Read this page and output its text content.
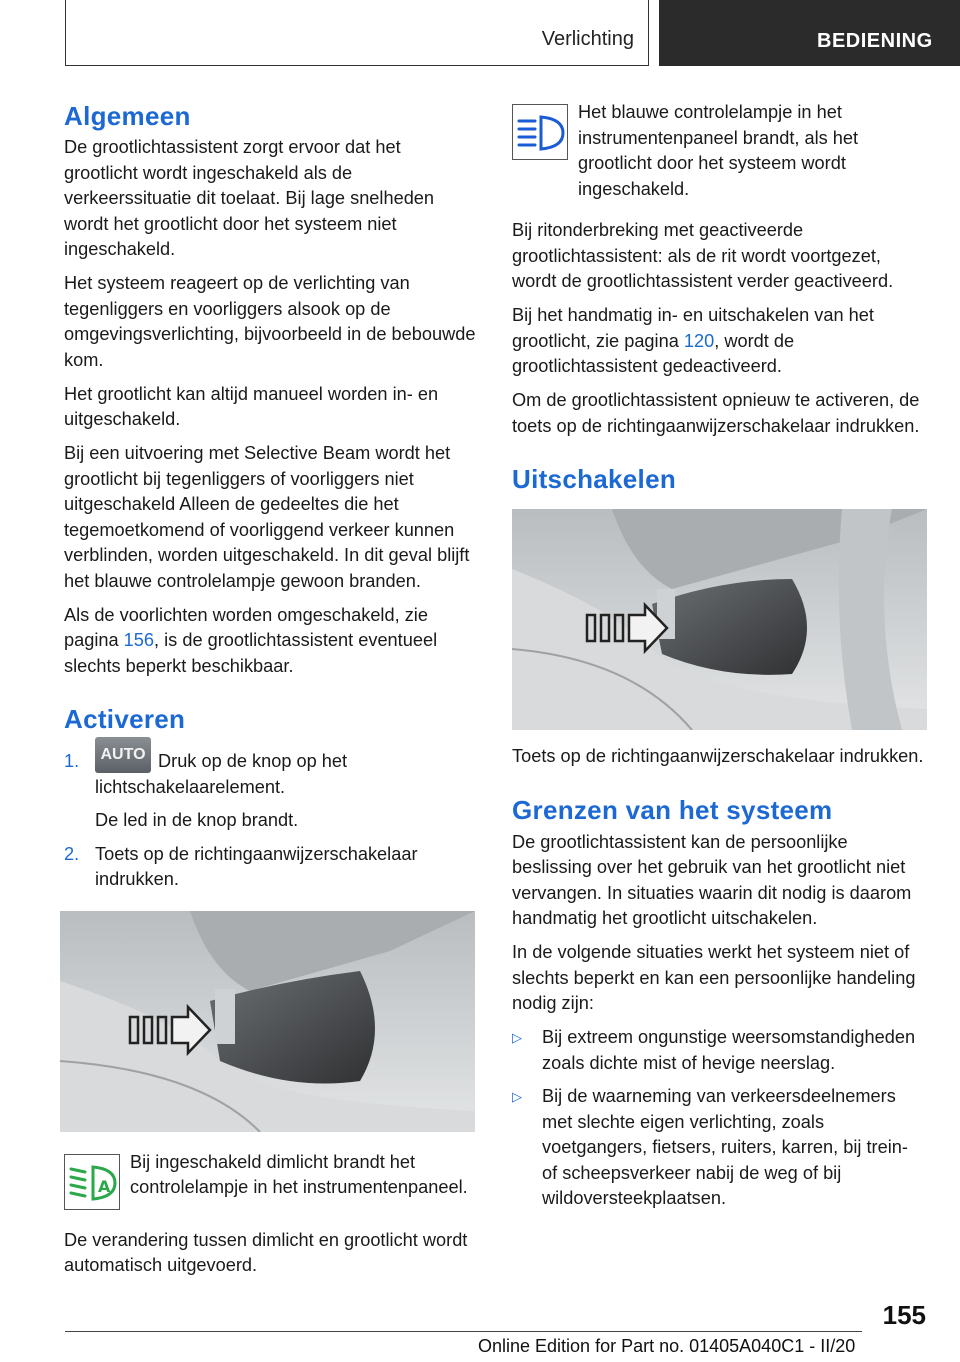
Verlichting	BEDIENING
Algemeen

De grootlichtassistent zorgt ervoor dat het grootlicht wordt ingeschakeld als de verkeerssituatie dit toelaat. Bij lage snelheden wordt het grootlicht door het systeem niet ingeschakeld.

Het systeem reageert op de verlichting van tegenliggers en voorliggers alsook op de omgevingsverlichting, bijvoorbeeld in de bebouwde kom.

Het grootlicht kan altijd manueel worden in- en uitgeschakeld.

Bij een uitvoering met Selective Beam wordt het grootlicht bij tegenliggers of voorliggers niet uitgeschakeld Alleen de gedeeltes die het tegemoetkomend of voorliggend verkeer kunnen verblinden, worden uitgeschakeld. In dit geval blijft het blauwe controlelampje gewoon branden.

Als de voorlichten worden omgeschakeld, zie pagina 156, is de grootlichtassistent eventueel slechts beperkt beschikbaar.

Activeren
1. AUTO Druk op de knop op het lichtschakelaarelement.
De led in de knop brandt.
2. Toets op de richtingaanwijzerschakelaar indrukken.
A
Bij ingeschakeld dimlicht brandt het controlelampje in het instrumentenpaneel.

De verandering tussen dimlicht en grootlicht wordt automatisch uitgevoerd.

Het blauwe controlelampje in het instrumentenpaneel brandt, als het grootlicht door het systeem wordt ingeschakeld.

Bij ritonderbreking met geactiveerde grootlichtassistent: als de rit wordt voortgezet, wordt de grootlichtassistent verder geactiveerd.

Bij het handmatig in- en uitschakelen van het grootlicht, zie pagina 120, wordt de grootlichtassistent gedeactiveerd.

Om de grootlichtassistent opnieuw te activeren, de toets op de richtingaanwijzerschakelaar indrukken.

Uitschakelen

Toets op de richtingaanwijzerschakelaar indrukken.

Grenzen van het systeem

De grootlichtassistent kan de persoonlijke beslissing over het gebruik van het grootlicht niet vervangen. In situaties waarin dit nodig is daarom handmatig het grootlicht uitschakelen.

In de volgende situaties werkt het systeem niet of slechts beperkt en kan een persoonlijke handeling nodig zijn:

▷ Bij extreem ongunstige weersomstandigheden zoals dichte mist of hevige neerslag.
▷ Bij de waarneming van verkeersdeelnemers met slechte eigen verlichting, zoals voetgangers, fietsers, ruiters, karren, bij trein- of scheepsverkeer nabij de weg of bij wildoversteekplaatsen.
155
Online Edition for Part no. 01405A040C1 - II/20
